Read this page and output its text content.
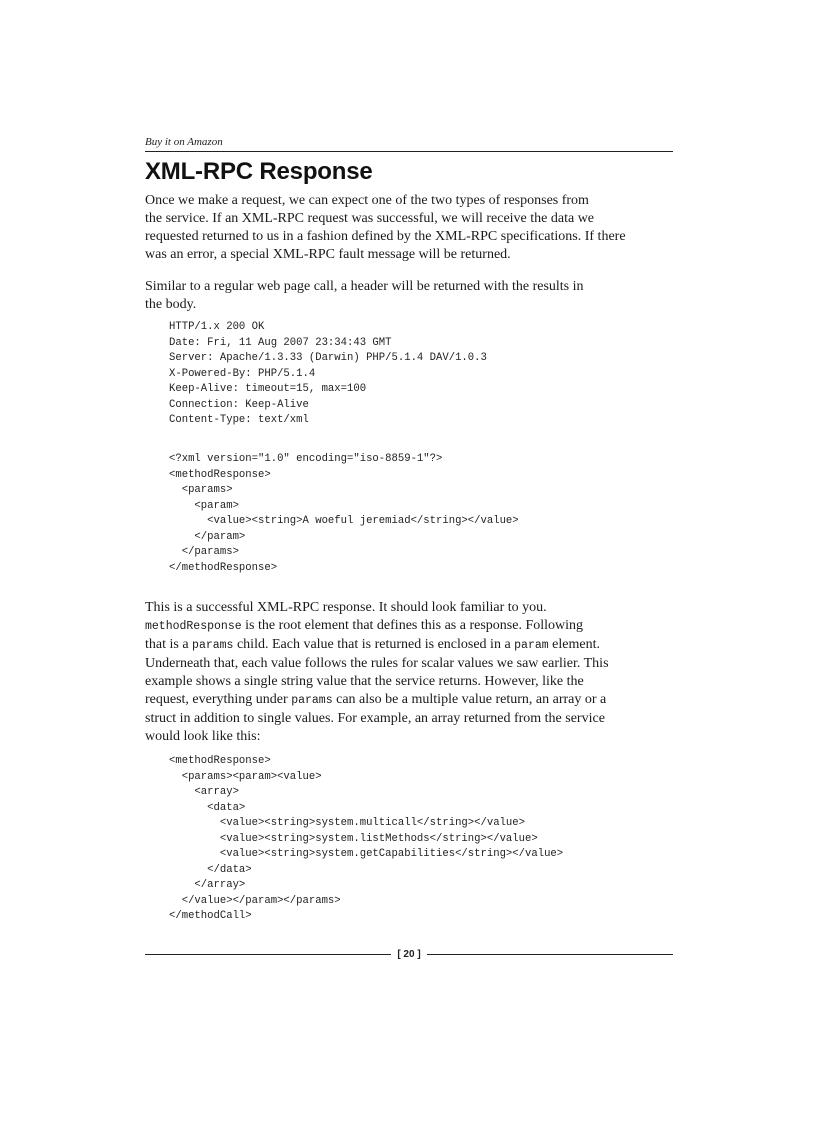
Buy it on Amazon
XML-RPC Response

Once we make a request, we can expect one of the two types of responses from
the service. If an XML-RPC request was successful, we will receive the data we
requested returned to us in a fashion defined by the XML-RPC specifications. If there
was an error, a special XML-RPC fault message will be returned.

Similar to a regular web page call, a header will be returned with the results in
the body.

HTTP/1.x 200 OK
Date: Fri, 11 Aug 2007 23:34:43 GMT
Server: Apache/1.3.33 (Darwin) PHP/5.1.4 DAV/1.0.3
X-Powered-By: PHP/5.1.4
Keep-Alive: timeout=15, max=100
Connection: Keep-Alive
Content-Type: text/xml
<?xml version="1.0" encoding="iso-8859-1"?>
<methodResponse>
<params>
<param>
<value><string>A woeful jeremiad</string></value>
</param>
</params>
</methodResponse>

This is a successful XML-RPC response. It should look familiar to you.
methodResponse is the root element that defines this as a response. Following
that is a params child. Each value that is returned is enclosed in a param element.
Underneath that, each value follows the rules for scalar values we saw earlier. This
example shows a single string value that the service returns. However, like the
request, everything under params can also be a multiple value return, an array or a
struct in addition to single values. For example, an array returned from the service
would look like this:

<methodResponse>
<params><param><value>
<array>
<data>
<value><string>system.multicall</string></value>
<value><string>system.listMethods</string></value>
<value><string>system.getCapabilities</string></value>
</data>
</array>
</value></param></params>
</methodCall>
[ 20 ]
